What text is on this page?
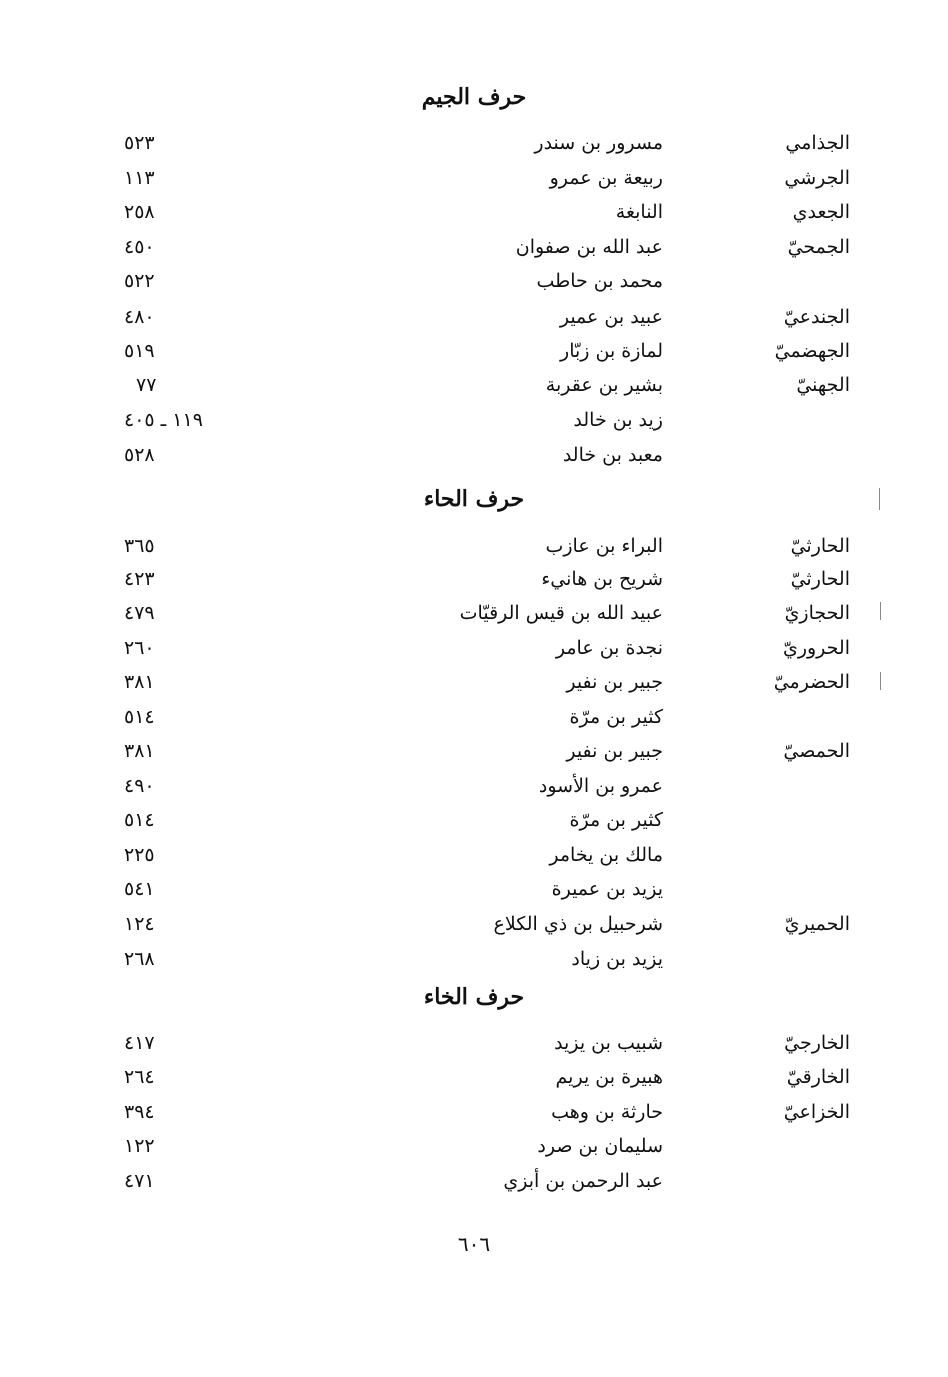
حرف الجيم
الجذامي
مسرور بن سندر
٥٢٣
الجرشي
ربيعة بن عمرو
١١٣
الجعدي
النابغة
٢٥٨
الجمحيّ
عبد الله بن صفوان
٤٥٠
محمد بن حاطب
٥٢٢
الجندعيّ
عبيد بن عمير
٤٨٠
الجهضميّ
لمازة بن زبّار
٥١٩
الجهنيّ
بشير بن عقربة
٧٧
زيد بن خالد
١١٩ ـ ٤٠٥
معبد بن خالد
٥٢٨
حرف الحاء
الحارثيّ
البراء بن عازب
٣٦٥
الحارثيّ
شريح بن هانيء
٤٢٣
الحجازيّ
عبيد الله بن قيس الرقيّات
٤٧٩
الحروريّ
نجدة بن عامر
٢٦٠
الحضرميّ
جبير بن نفير
٣٨١
كثير بن مرّة
٥١٤
الحمصيّ
جبير بن نفير
٣٨١
عمرو بن الأسود
٤٩٠
كثير بن مرّة
٥١٤
مالك بن يخامر
٢٢٥
يزيد بن عميرة
٥٤١
الحميريّ
شرحبيل بن ذي الكلاع
١٢٤
يزيد بن زياد
٢٦٨
حرف الخاء
الخارجيّ
شبيب بن يزيد
٤١٧
الخارقيّ
هبيرة بن يريم
٢٦٤
الخزاعيّ
حارثة بن وهب
٣٩٤
سليمان بن صرد
١٢٢
عبد الرحمن بن أبزي
٤٧١
٦٠٦
